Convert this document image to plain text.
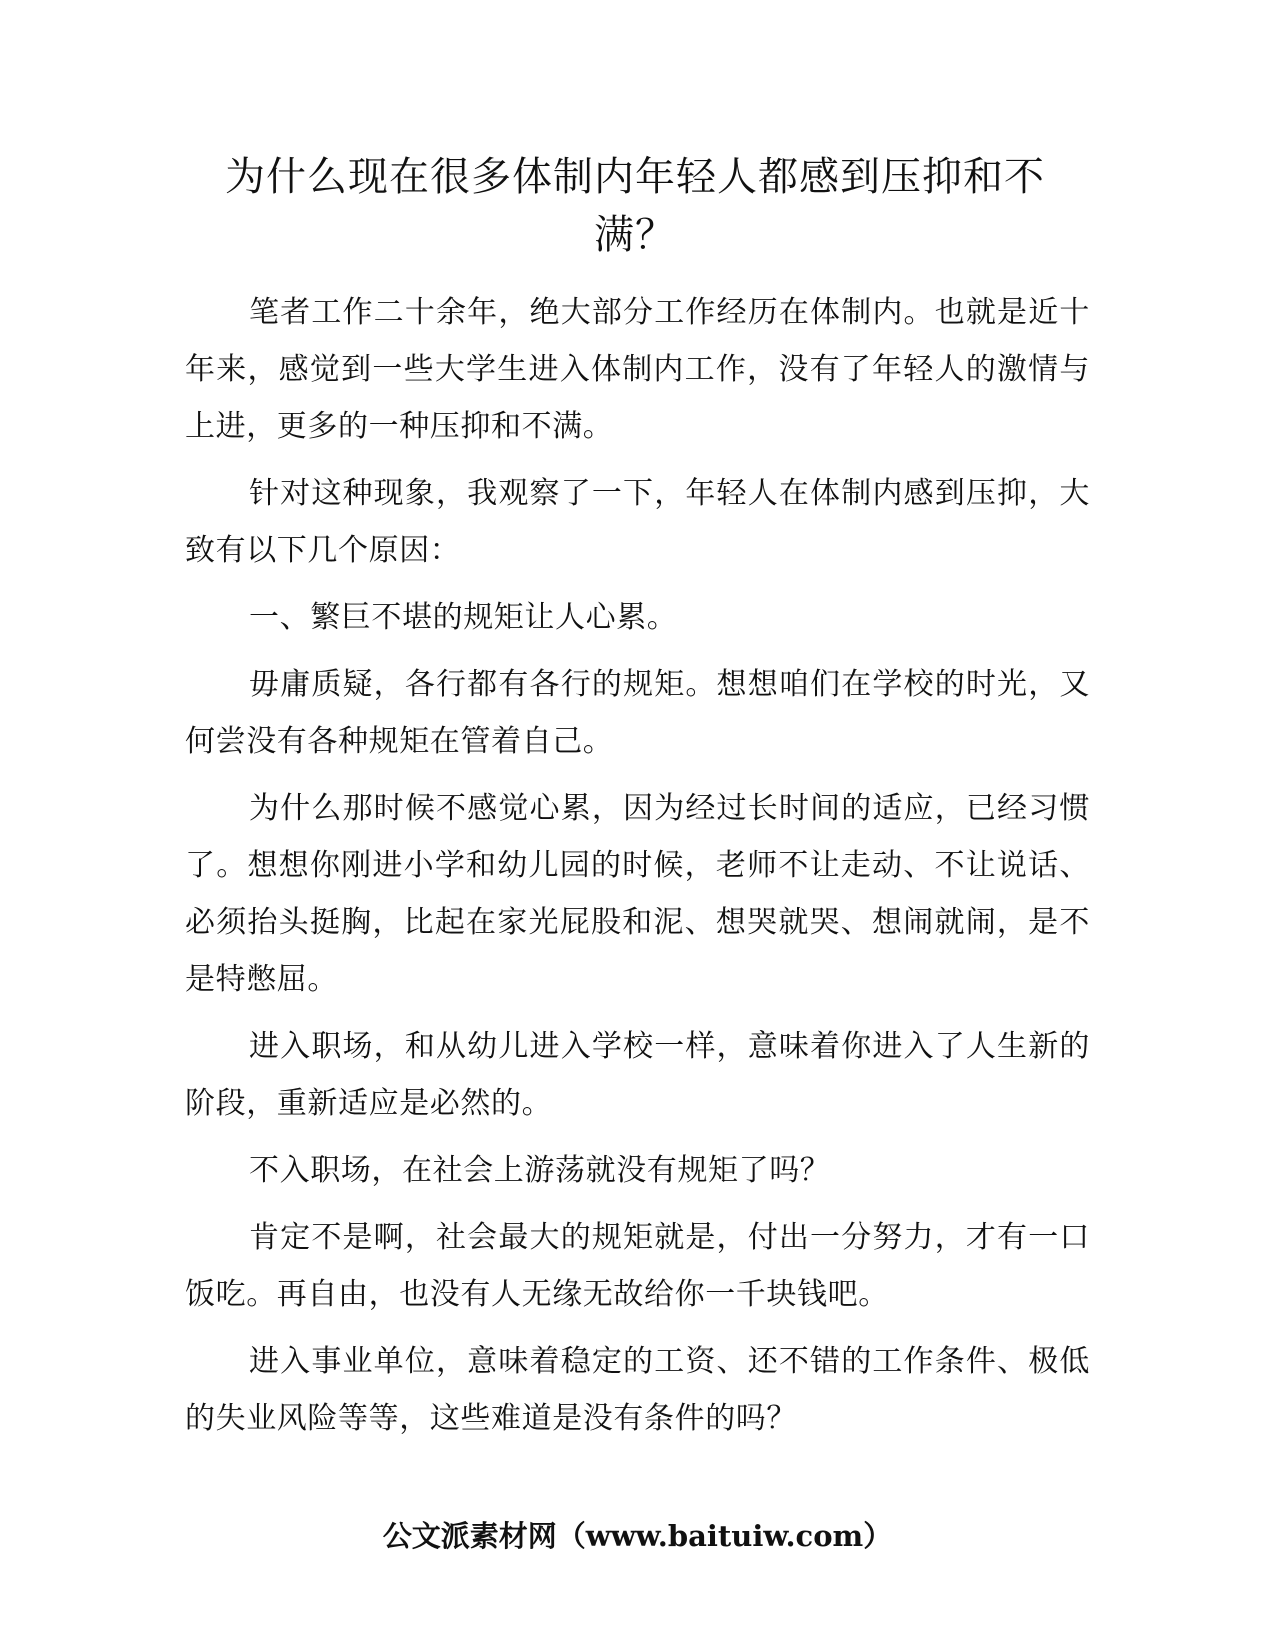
为什么现在很多体制内年轻人都感到压抑和不满？

笔者工作二十余年，绝大部分工作经历在体制内。也就是近十年来，感觉到一些大学生进入体制内工作，没有了年轻人的激情与上进，更多的一种压抑和不满。

针对这种现象，我观察了一下，年轻人在体制内感到压抑，大致有以下几个原因：

一、繁巨不堪的规矩让人心累。

毋庸质疑，各行都有各行的规矩。想想咱们在学校的时光，又何尝没有各种规矩在管着自己。

为什么那时候不感觉心累，因为经过长时间的适应，已经习惯了。想想你刚进小学和幼儿园的时候，老师不让走动、不让说话、必须抬头挺胸，比起在家光屁股和泥、想哭就哭、想闹就闹，是不是特憋屈。

进入职场，和从幼儿进入学校一样，意味着你进入了人生新的阶段，重新适应是必然的。

不入职场，在社会上游荡就没有规矩了吗？

肯定不是啊，社会最大的规矩就是，付出一分努力，才有一口饭吃。再自由，也没有人无缘无故给你一千块钱吧。

进入事业单位，意味着稳定的工资、还不错的工作条件、极低的失业风险等等，这些难道是没有条件的吗？

公文派素材网（www.baituiw.com）
